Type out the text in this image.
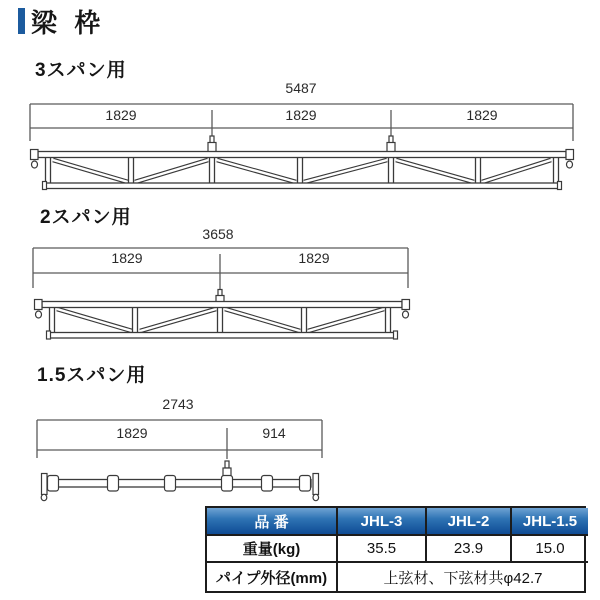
梁 枠
3スパン用
2スパン用
1.5スパン用
5487
1829	1829	1829
3658
1829	1829
2743
1829	914
品 番	JHL-3	JHL-2	JHL-1.5
重量(kg)	35.5	23.9	15.0
パイプ外径(mm)	上弦材、下弦材共φ42.7
